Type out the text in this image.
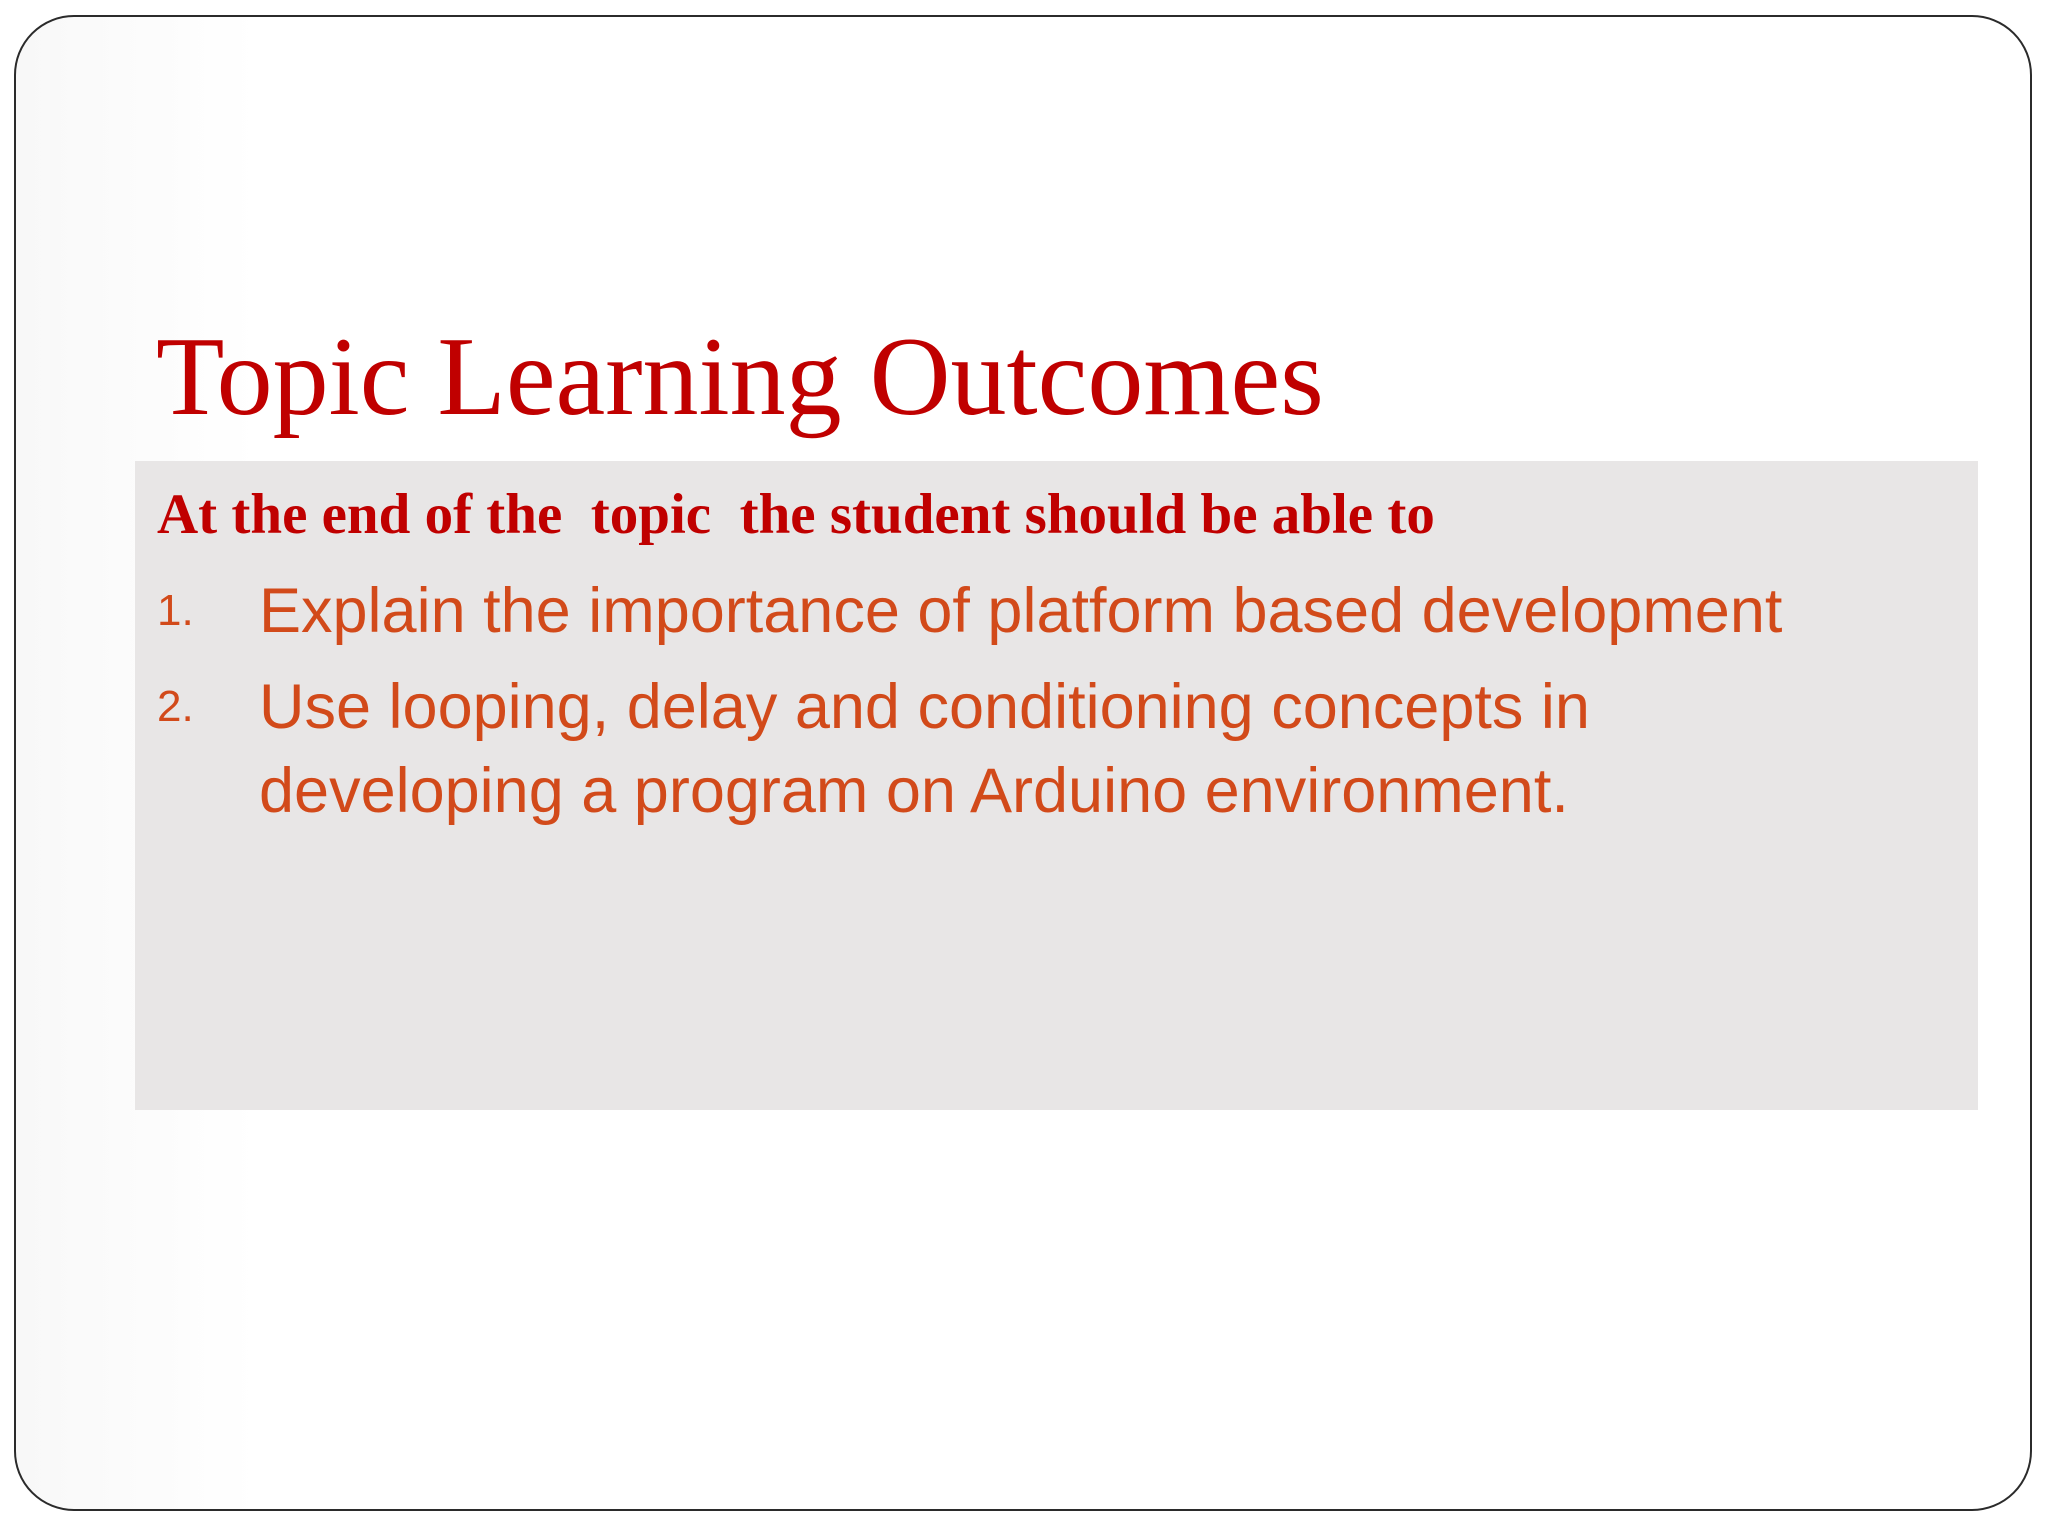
Topic Learning Outcomes

At the end of the  topic  the student should be able to

1. Explain the importance of platform based development
2. Use looping, delay and conditioning concepts in
developing a program on Arduino environment.
